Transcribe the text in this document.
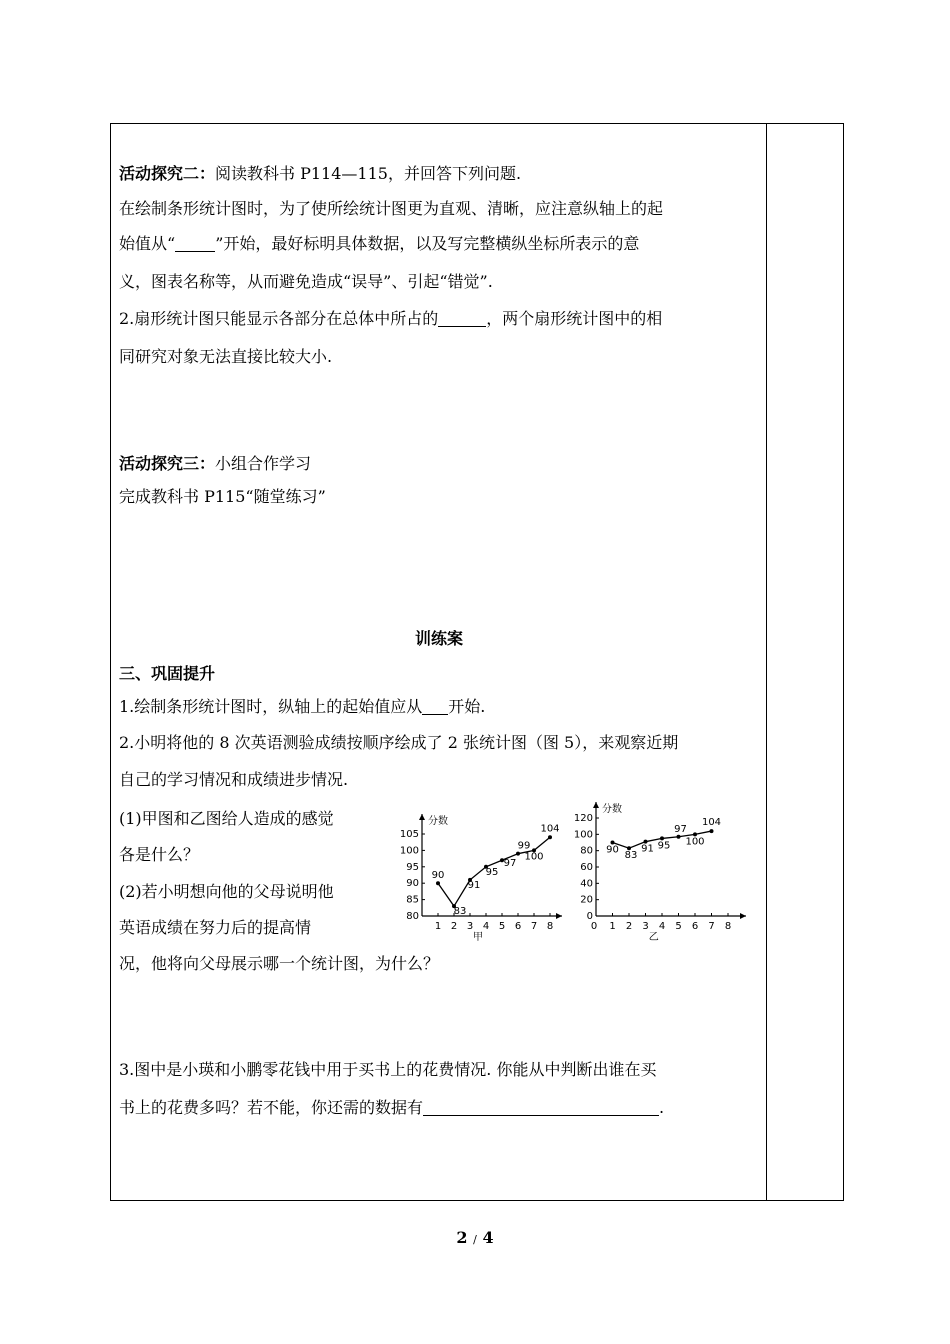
活动探究二：阅读教科书 P114—115，并回答下列问题.
在绘制条形统计图时，为了使所绘统计图更为直观、清晰，应注意纵轴上的起
始值从“	”开始，最好标明具体数据，以及写完整横纵坐标所表示的意
义，图表名称等，从而避免造成“误导”、引起“错觉”.
2.扇形统计图只能显示各部分在总体中所占的	，两个扇形统计图中的相
同研究对象无法直接比较大小.
活动探究三：小组合作学习
完成教科书 P115“随堂练习”
训练案
三、巩固提升
1.绘制条形统计图时，纵轴上的起始值应从 开始.
2.小明将他的 8 次英语测验成绩按顺序绘成了 2 张统计图（图 5），来观察近期
自己的学习情况和成绩进步情况.
(1)甲图和乙图给人造成的感觉
各是什么？
(2)若小明想向他的父母说明他
英语成绩在努力后的提高情
况，他将向父母展示哪一个统计图，为什么？
3.图中是小瑛和小鹏零花钱中用于买书上的花费情况. 你能从中判断出谁在买
书上的花费多吗？若不能，你还需的数据有	.
分数
80
85
90
95
100
105
1 2 3 4 5 6 7 8
90
83
91
95
97
99
100
104
甲
分数
0
20
40
60
80
100
120
0 1 2 3 4 5 6 7 8
90
83
91 95
97
100
104
乙
2 / 4
